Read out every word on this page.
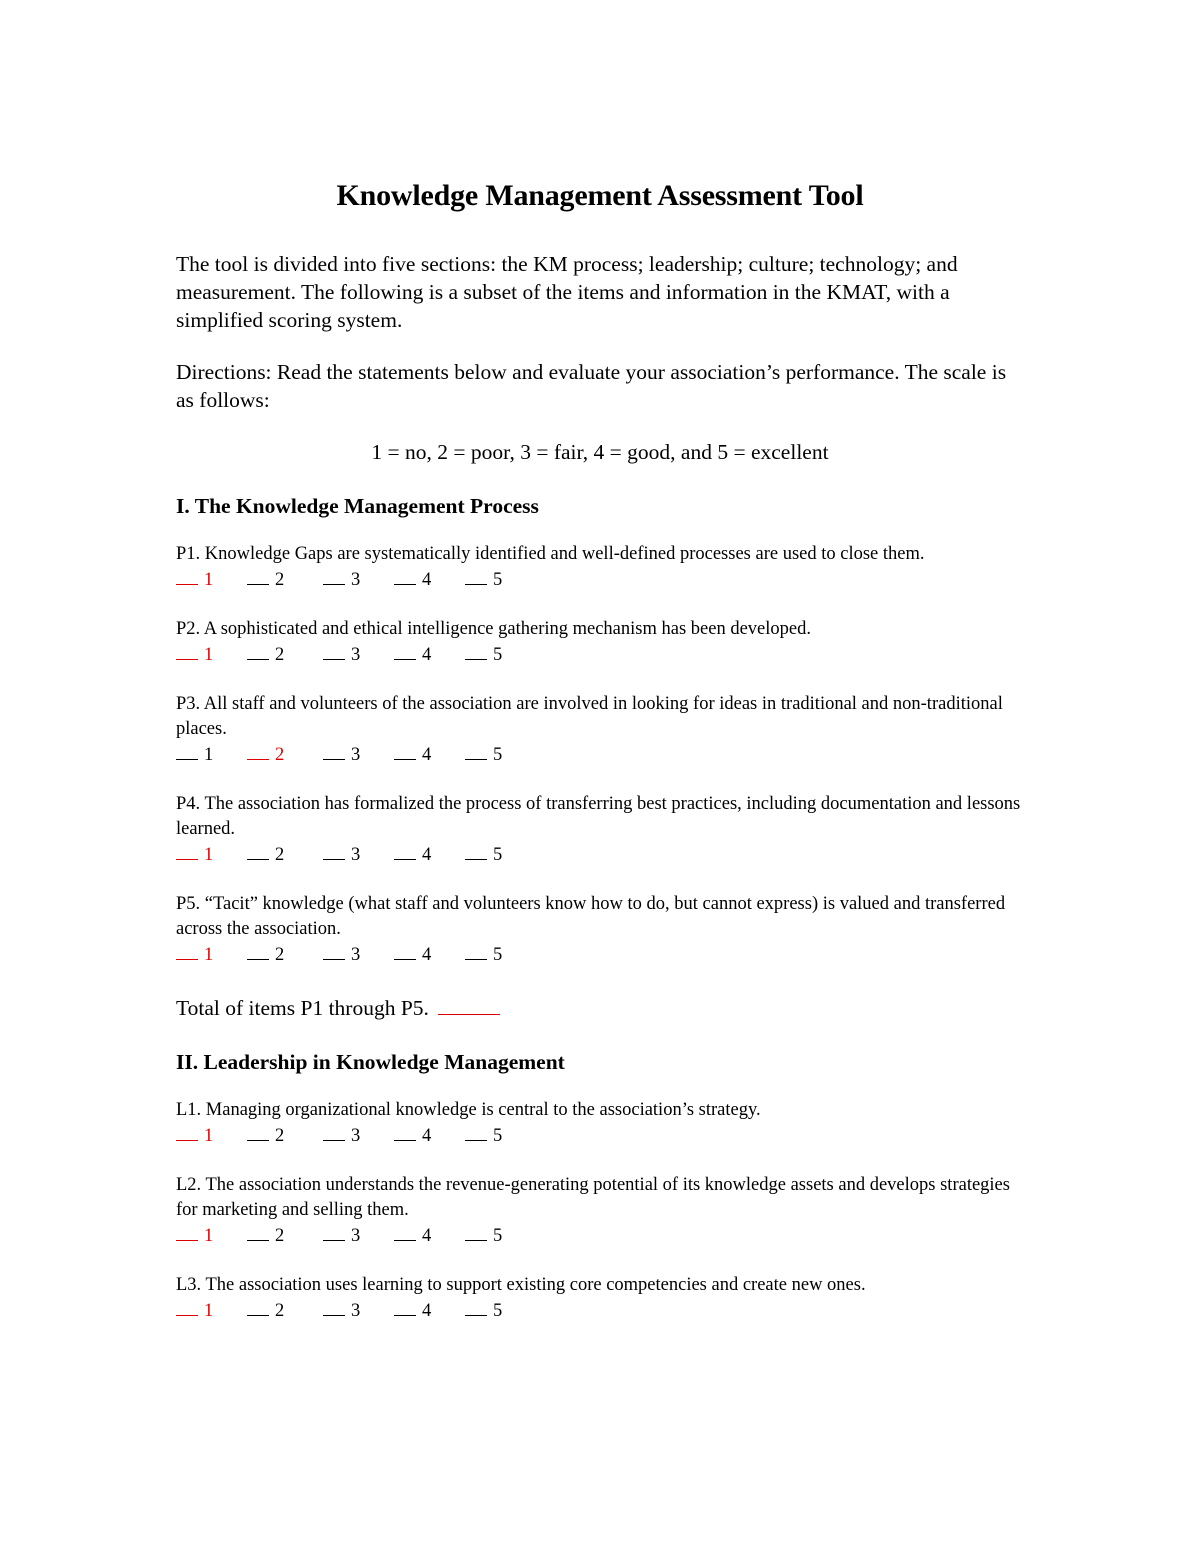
Knowledge Management Assessment Tool

The tool is divided into five sections: the KM process; leadership; culture; technology; and measurement. The following is a subset of the items and information in the KMAT, with a simplified scoring system.

Directions: Read the statements below and evaluate your association’s performance. The scale is as follows:

1 = no, 2 = poor, 3 = fair, 4 = good, and 5 = excellent

I. The Knowledge Management Process

P1. Knowledge Gaps are systematically identified and well-defined processes are used to close them.

1	2	3	4	5

P2. A sophisticated and ethical intelligence gathering mechanism has been developed.

1	2	3	4	5

P3. All staff and volunteers of the association are involved in looking for ideas in traditional and non-traditional places.

1	2	3	4	5

P4. The association has formalized the process of transferring best practices, including documentation and lessons learned.

1	2	3	4	5

P5. “Tacit” knowledge (what staff and volunteers know how to do, but cannot express) is valued and transferred across the association.

1	2	3	4	5

Total of items P1 through P5.

II. Leadership in Knowledge Management

L1. Managing organizational knowledge is central to the association’s strategy.

1	2	3	4	5

L2. The association understands the revenue-generating potential of its knowledge assets and develops strategies for marketing and selling them.

1	2	3	4	5

L3. The association uses learning to support existing core competencies and create new ones.

1	2	3	4	5
